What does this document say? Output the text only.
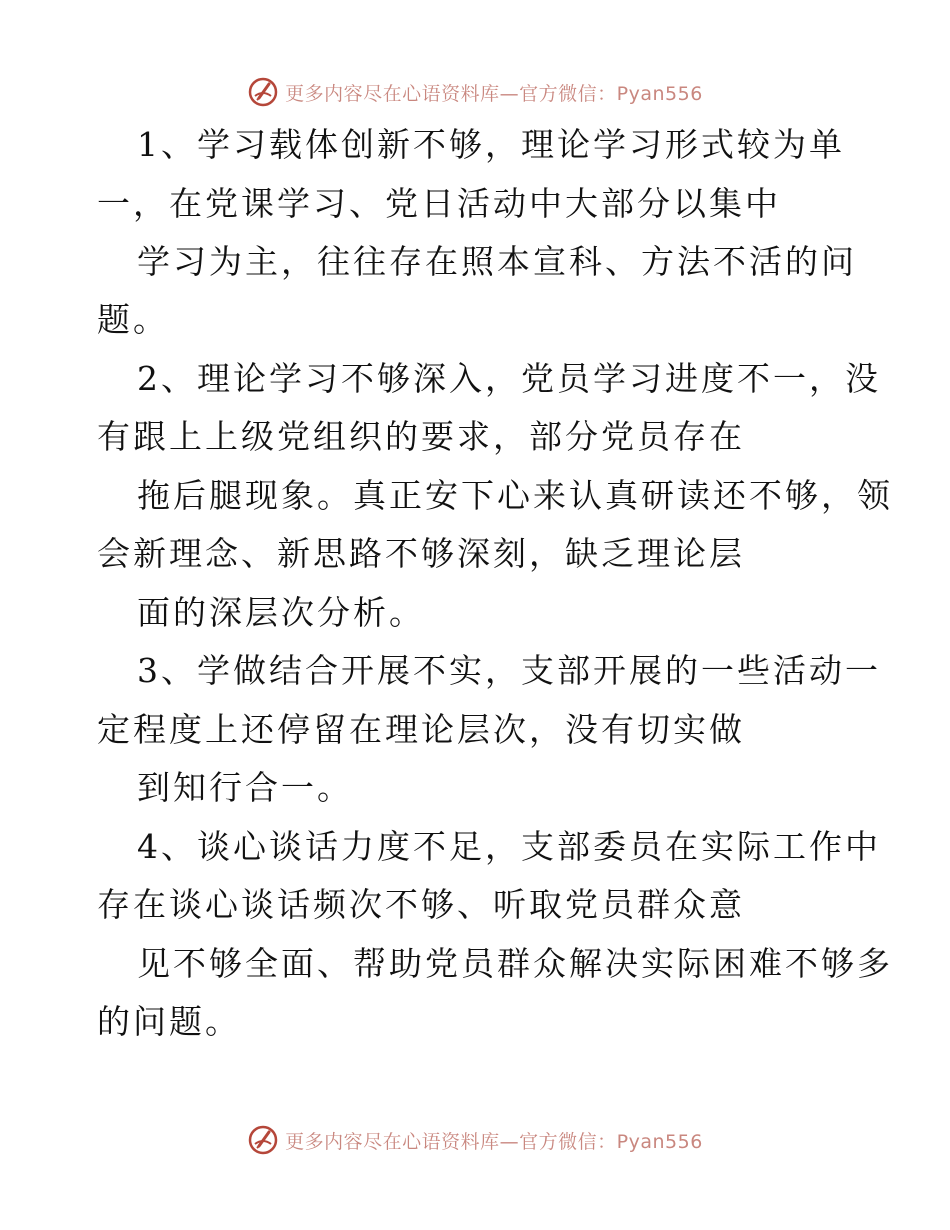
更多内容尽在心语资料库—官方微信：Pyan556
1、学习载体创新不够，理论学习形式较为单
一，在党课学习、党日活动中大部分以集中
学习为主，往往存在照本宣科、方法不活的问
题。
2、理论学习不够深入，党员学习进度不一，没
有跟上上级党组织的要求，部分党员存在
拖后腿现象。真正安下心来认真研读还不够，领
会新理念、新思路不够深刻，缺乏理论层
面的深层次分析。
3、学做结合开展不实，支部开展的一些活动一
定程度上还停留在理论层次，没有切实做
到知行合一。
4、谈心谈话力度不足，支部委员在实际工作中
存在谈心谈话频次不够、听取党员群众意
见不够全面、帮助党员群众解决实际困难不够多
的问题。
更多内容尽在心语资料库—官方微信：Pyan556
